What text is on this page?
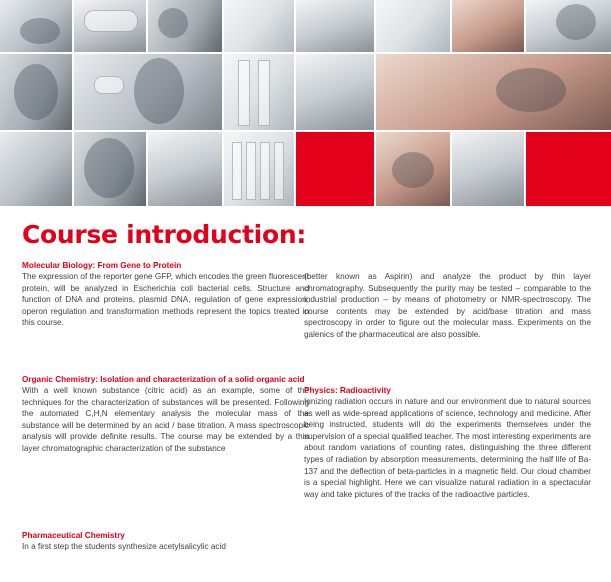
Course introduction:
Molecular Biology: From Gene to Protein

The expression of the reporter gene GFP, which encodes the green fluorescent protein, will be analyzed in Escherichia coli bacterial cells. Structure and function of DNA and proteins, plasmid DNA, regulation of gene expression, operon regulation and transformation methods represent the topics treated in this course.

Organic Chemistry: Isolation and characterization of a solid organic acid

With a well known substance (citric acid) as an example, some of the techniques for the characterization of substances will be presented. Following the automated C,H,N elementary analysis the molecular mass of the substance will be determined by an acid / base titration. A mass spectroscopic analysis will provide definite results. The course may be extended by a thin layer chromatographic characterization of the substance

Pharmaceutical Chemistry

In a first step the students synthesize acetylsalicylic acid

(better known as Aspirin) and analyze the product by thin layer chromatography. Subsequently the purity may be tested – comparable to the industrial production – by means of photometry or NMR-spectroscopy. The course contents may be extended by acid/base titration and mass spectroscopy in order to figure out the molecular mass. Experiments on the galenics of the pharmaceutical are also possible.

Physics: Radioactivity

Ionizing radiation occurs in nature and our environment due to natural sources as well as wide-spread applications of science, technology and medicine. After being instructed, students will do the experiments themselves under the supervision of a special qualified teacher. The most interesting experiments are about random variations of counting rates, distinguishing the three different types of radiation by absorption measurements, determining the half life of Ba-137 and the deflection of beta-particles in a magnetic field. Our cloud chamber is a special highlight. Here we can visualize natural radiation in a spectacular way and take pictures of the tracks of the radioactive particles.
